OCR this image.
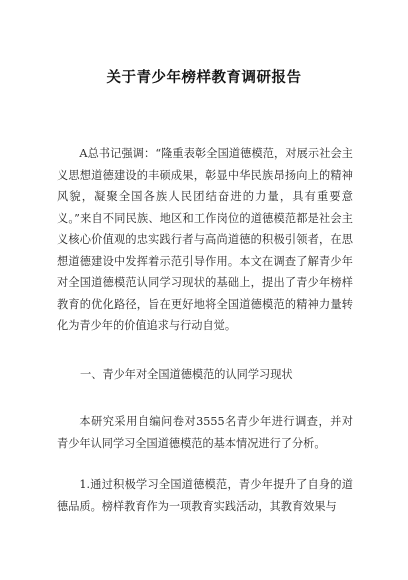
关于青少年榜样教育调研报告

A总书记强调：“隆重表彰全国道德模范，对展示社会主义思想道德建设的丰硕成果，彰显中华民族昂扬向上的精神风貌，凝聚全国各族人民团结奋进的力量，具有重要意义。”来自不同民族、地区和工作岗位的道德模范都是社会主义核心价值观的忠实践行者与高尚道德的积极引领者，在思想道德建设中发挥着示范引导作用。本文在调查了解青少年对全国道德模范认同学习现状的基础上，提出了青少年榜样教育的优化路径，旨在更好地将全国道德模范的精神力量转化为青少年的价值追求与行动自觉。

一、青少年对全国道德模范的认同学习现状

本研究采用自编问卷对3555名青少年进行调查，并对青少年认同学习全国道德模范的基本情况进行了分析。

1.通过积极学习全国道德模范，青少年提升了自身的道德品质。榜样教育作为一项教育实践活动，其教育效果与
